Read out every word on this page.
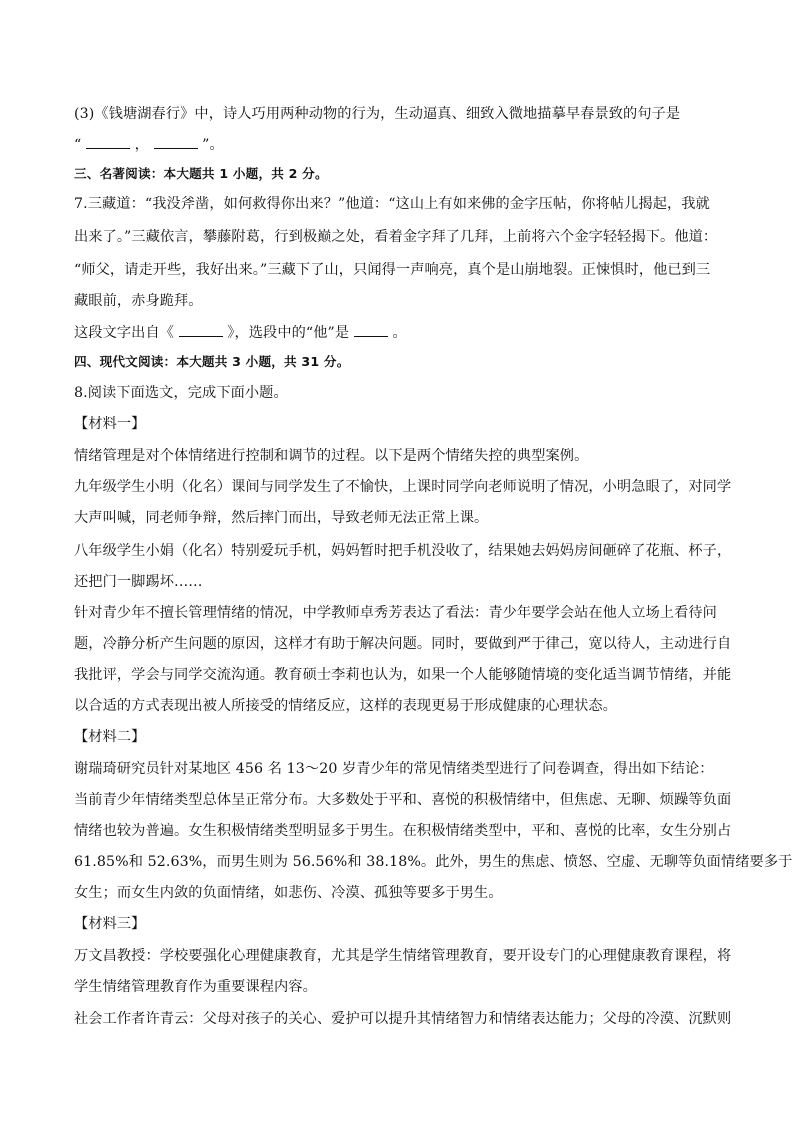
(3)《钱塘湖春行》中，诗人巧用两种动物的行为，生动逼真、细致入微地描摹早春景致的句子是
“	，	”。
三、名著阅读：本大题共 1 小题，共 2 分。
7.三藏道：“我没斧凿，如何救得你出来？”他道：“这山上有如来佛的金字压帖，你将帖儿揭起，我就
出来了。”三藏依言，攀藤附葛，行到极巅之处，看着金字拜了几拜，上前将六个金字轻轻揭下。他道：
“师父，请走开些，我好出来。”三藏下了山，只闻得一声响亮，真个是山崩地裂。正悚惧时，他已到三
藏眼前，赤身跪拜。
这段文字出自《	》，选段中的“他”是	。
四、现代文阅读：本大题共 3 小题，共 31 分。
8.阅读下面选文，完成下面小题。
【材料一】
情绪管理是对个体情绪进行控制和调节的过程。以下是两个情绪失控的典型案例。
九年级学生小明（化名）课间与同学发生了不愉快，上课时同学向老师说明了情况，小明急眼了，对同学
大声叫喊，同老师争辩，然后摔门而出，导致老师无法正常上课。
八年级学生小娟（化名）特别爱玩手机，妈妈暂时把手机没收了，结果她去妈妈房间砸碎了花瓶、杯子，
还把门一脚踢坏……
针对青少年不擅长管理情绪的情况，中学教师卓秀芳表达了看法：青少年要学会站在他人立场上看待问
题，冷静分析产生问题的原因，这样才有助于解决问题。同时，要做到严于律己，宽以待人，主动进行自
我批评，学会与同学交流沟通。教育硕士李莉也认为，如果一个人能够随情境的变化适当调节情绪，并能
以合适的方式表现出被人所接受的情绪反应，这样的表现更易于形成健康的心理状态。
【材料二】
谢瑞琦研究员针对某地区 456 名 13～20 岁青少年的常见情绪类型进行了问卷调查，得出如下结论：
当前青少年情绪类型总体呈正常分布。大多数处于平和、喜悦的积极情绪中，但焦虑、无聊、烦躁等负面
情绪也较为普遍。女生积极情绪类型明显多于男生。在积极情绪类型中，平和、喜悦的比率，女生分别占
61.85%和 52.63%，而男生则为 56.56%和 38.18%。此外，男生的焦虑、愤怒、空虚、无聊等负面情绪要多于
女生；而女生内敛的负面情绪，如悲伤、冷漠、孤独等要多于男生。
【材料三】
万文昌教授：学校要强化心理健康教育，尤其是学生情绪管理教育，要开设专门的心理健康教育课程，将
学生情绪管理教育作为重要课程内容。
社会工作者许青云：父母对孩子的关心、爱护可以提升其情绪智力和情绪表达能力；父母的冷漠、沉默则
